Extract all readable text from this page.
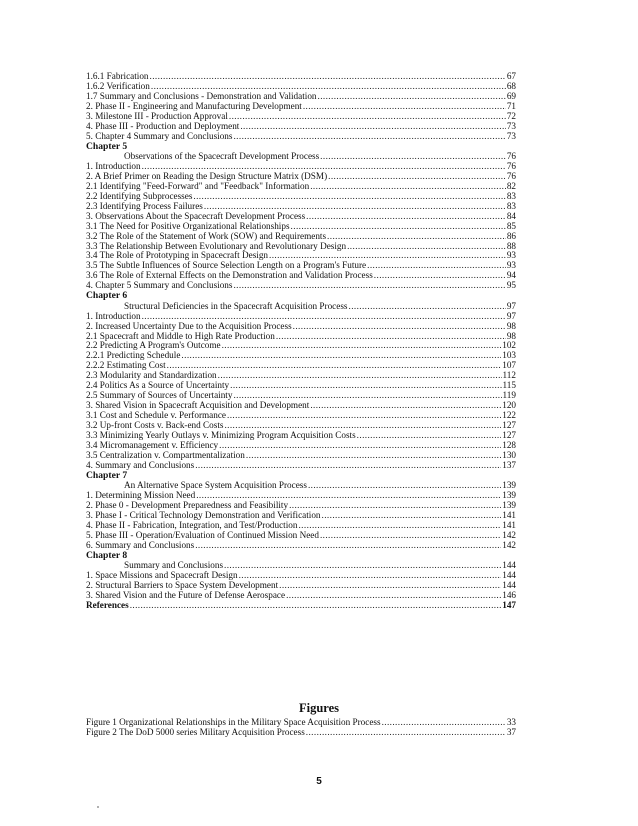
1.6.1 Fabrication .....	67
1.6.2 Verification .....	68
1.7 Summary and Conclusions - Demonstration and Validation .....	69
2. Phase II - Engineering and Manufacturing Development .....	71
3. Milestone III - Production Approval .....	72
4. Phase III - Production and Deployment .....	73
5. Chapter 4 Summary and Conclusions .....	73
Chapter 5
Observations of the Spacecraft Development Process .....	76
1. Introduction .....	76
2. A Brief Primer on Reading the Design Structure Matrix (DSM) .....	76
2.1 Identifying "Feed-Forward" and "Feedback" Information .....	82
2.2 Identifying Subprocesses .....	83
2.3 Identifying Process Failures .....	83
3. Observations About the Spacecraft Development Process .....	84
3.1 The Need for Positive Organizational Relationships .....	85
3.2 The Role of the Statement of Work (SOW) and Requirements .....	86
3.3 The Relationship Between Evolutionary and Revolutionary Design .....	88
3.4 The Role of Prototyping in Spacecraft Design .....	93
3.5 The Subtle Influences of Source Selection Length on a Program's Future .....	93
3.6 The Role of External Effects on the Demonstration and Validation Process .....	94
4. Chapter 5 Summary and Conclusions .....	95
Chapter 6
Structural Deficiencies in the Spacecraft Acquisition Process .....	97
1. Introduction .....	97
2. Increased Uncertainty Due to the Acquisition Process .....	98
2.1 Spacecraft and Middle to High Rate Production .....	98
2.2 Predicting A Program's Outcome .....	102
2.2.1 Predicting Schedule .....	103
2.2.2 Estimating Cost .....	107
2.3 Modularity and Standardization .....	112
2.4 Politics As a Source of Uncertainty .....	115
2.5 Summary of Sources of Uncertainty .....	119
3. Shared Vision in Spacecraft Acquisition and Development .....	120
3.1 Cost and Schedule v. Performance .....	122
3.2 Up-front Costs v. Back-end Costs .....	127
3.3 Minimizing Yearly Outlays v. Minimizing Program Acquisition Costs .....	127
3.4 Micromanagement v. Efficiency .....	128
3.5 Centralization v. Compartmentalization .....	130
4. Summary and Conclusions .....	137
Chapter 7
An Alternative Space System Acquisition Process .....	139
1. Determining Mission Need .....	139
2. Phase 0 - Development Preparedness and Feasibility .....	139
3. Phase I - Critical Technology Demonstration and Verification .....	141
4. Phase II - Fabrication, Integration, and Test/Production .....	141
5. Phase III - Operation/Evaluation of Continued Mission Need .....	142
6. Summary and Conclusions .....	142
Chapter 8
Summary and Conclusions .....	144
1. Space Missions and Spacecraft Design .....	144
2. Structural Barriers to Space System Development .....	144
3. Shared Vision and the Future of Defense Aerospace .....	146
References .....	147
Figures
Figure 1 Organizational Relationships in the Military Space Acquisition Process .....	33
Figure 2 The DoD 5000 series Military Acquisition Process .....	37
5
